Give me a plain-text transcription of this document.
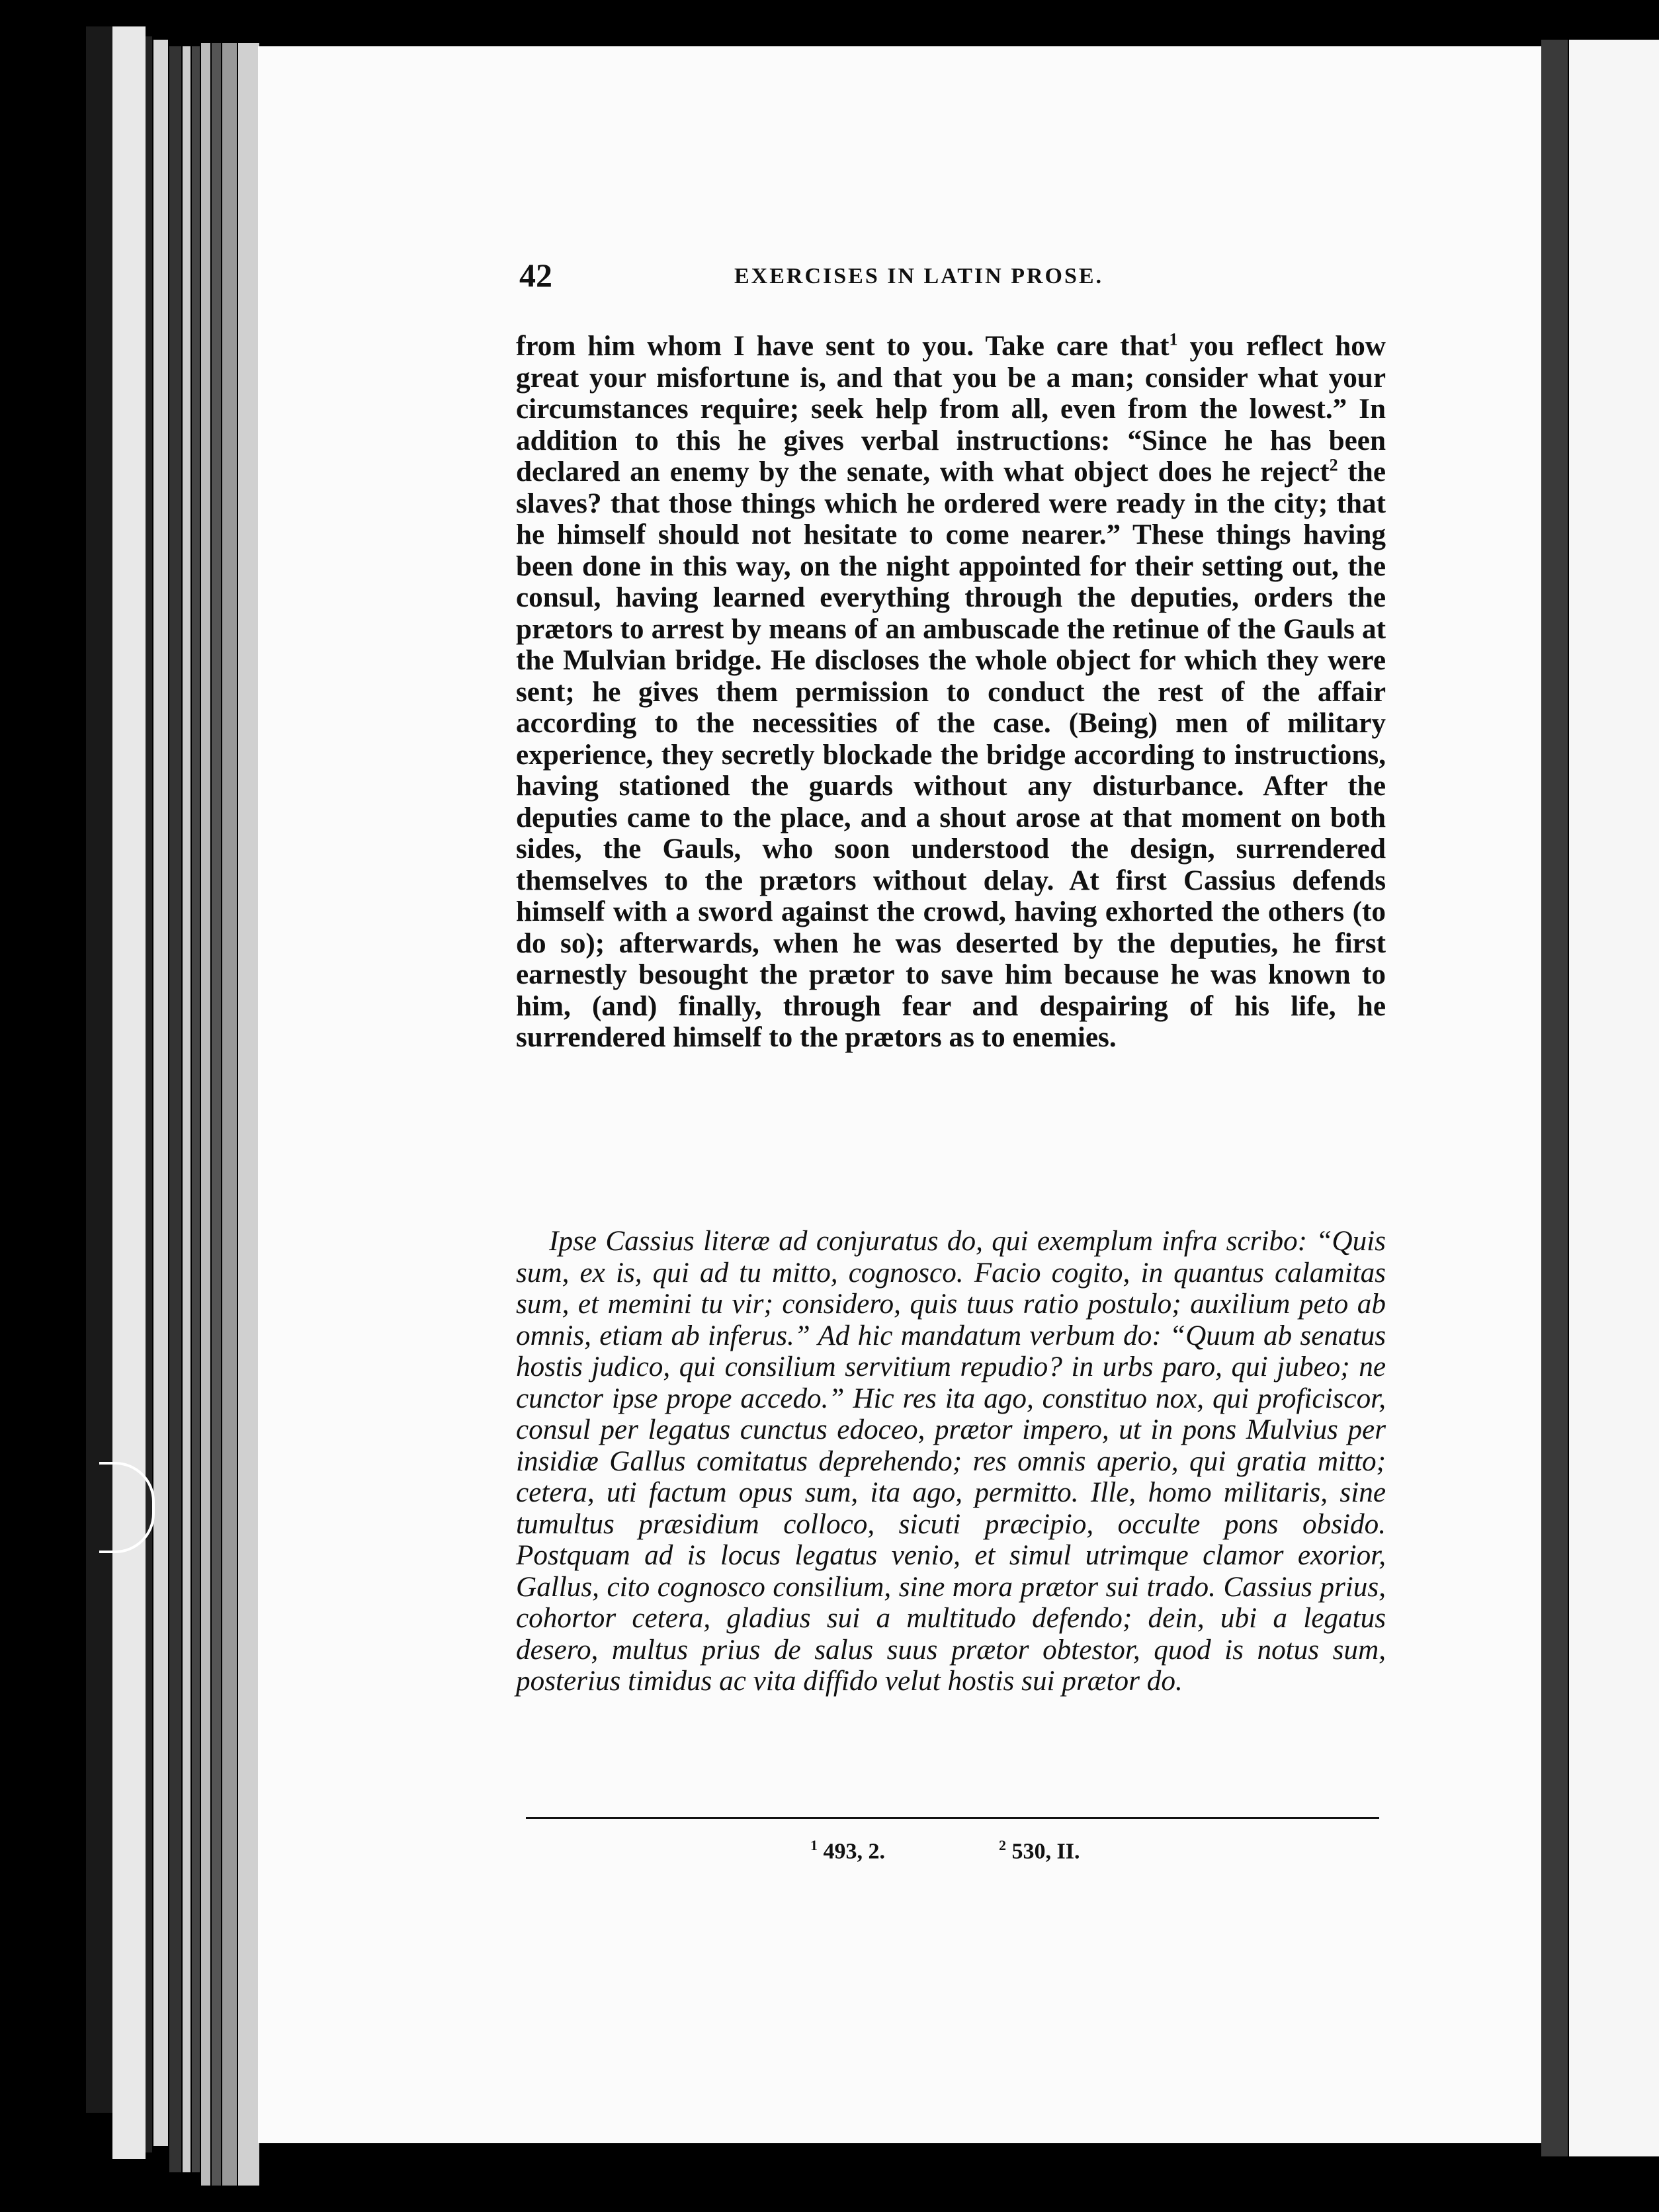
42	EXERCISES IN LATIN PROSE.

from him whom I have sent to you. Take care that$^1$ you reflect how great your misfortune is, and that you be a man; consider what your circumstances require; seek help from all, even from the lowest.” In addition to this he gives verbal instructions: “Since he has been declared an enemy by the senate, with what object does he reject$^2$ the slaves? that those things which he ordered were ready in the city; that he himself should not hesitate to come nearer.” These things having been done in this way, on the night appointed for their setting out, the consul, having learned everything through the deputies, orders the prætors to arrest by means of an ambuscade the retinue of the Gauls at the Mulvian bridge. He discloses the whole object for which they were sent; he gives them permission to conduct the rest of the affair according to the necessities of the case. (Being) men of military experience, they secretly blockade the bridge according to instructions, having stationed the guards without any disturbance. After the deputies came to the place, and a shout arose at that moment on both sides, the Gauls, who soon understood the design, surrendered themselves to the prætors without delay. At first Cassius defends himself with a sword against the crowd, having exhorted the others (to do so); afterwards, when he was deserted by the deputies, he first earnestly besought the prætor to save him because he was known to him, (and) finally, through fear and despairing of his life, he surrendered himself to the prætors as to enemies.

Ipse Cassius literæ ad conjuratus do, qui exemplum infra scribo: “Quis sum, ex is, qui ad tu mitto, cognosco. Facio cogito, in quantus calamitas sum, et memini tu vir; considero, quis tuus ratio postulo; auxilium peto ab omnis, etiam ab inferus.” Ad hic mandatum verbum do: “Quum ab senatus hostis judico, qui consilium servitium repudio? in urbs paro, qui jubeo; ne cunctor ipse prope accedo.” Hic res ita ago, constituo nox, qui proficiscor, consul per legatus cunctus edoceo, prætor impero, ut in pons Mulvius per insidiæ Gallus comitatus deprehendo; res omnis aperio, qui gratia mitto; cetera, uti factum opus sum, ita ago, permitto. Ille, homo militaris, sine tumultus præsidium colloco, sicuti præcipio, occulte pons obsido. Postquam ad is locus legatus venio, et simul utrimque clamor exorior, Gallus, cito cognosco consilium, sine mora prætor sui trado. Cassius prius, cohortor cetera, gladius sui a multitudo defendo; dein, ubi a legatus desero, multus prius de salus suus prætor obtestor, quod is notus sum, posterius timidus ac vita diffido velut hostis sui prætor do.

$^1$ 493, 2.	$^2$ 530, II.
